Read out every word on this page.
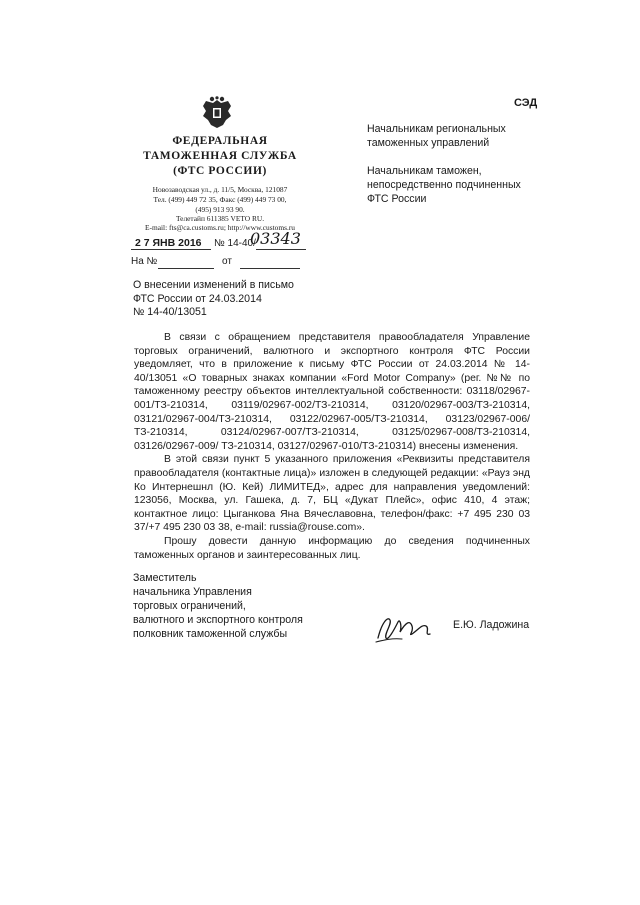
ФЕДЕРАЛЬНАЯ
ТАМОЖЕННАЯ СЛУЖБА
(ФТС РОССИИ)
Новозаводская ул., д. 11/5, Москва, 121087
Тел. (499) 449 72 35, Факс (499) 449 73 00,
(495) 913 93 90.
Телетайп 611385 VETO RU.
E-mail: fts@ca.customs.ru; http://www.customs.ru
СЭД
2 7 ЯНВ 2016 № 14-40/
03343
На №	от
Начальникам региональных
таможенных управлений
Начальникам таможен,
непосредственно подчиненных
ФТС России
О внесении изменений в письмо
ФТС России от 24.03.2014
№ 14-40/13051

В связи с обращением представителя правообладателя Управление торговых ограничений, валютного и экспортного контроля ФТС России уведомляет, что в приложение к письму ФТС России от 24.03.2014 № 14-40/13051 «О товарных знаках компании «Ford Motor Company» (рег. №№ по таможенному реестру объектов интеллектуальной собственности: 03118/02967-001/ТЗ-210314, 03119/02967-002/ТЗ-210314, 03120/02967-003/ТЗ-210314, 03121/02967-004/ТЗ-210314, 03122/02967-005/ТЗ-210314, 03123/02967-006/ТЗ-210314, 03124/02967-007/ТЗ-210314, 03125/02967-008/ТЗ-210314, 03126/02967-009/ ТЗ-210314, 03127/02967-010/ТЗ-210314) внесены изменения.

В этой связи пункт 5 указанного приложения «Реквизиты представителя правообладателя (контактные лица)» изложен в следующей редакции: «Рауз энд Ко Интернешнл (Ю. Кей) ЛИМИТЕД», адрес для направления уведомлений: 123056, Москва, ул. Гашека, д. 7, БЦ «Дукат Плейс», офис 410, 4 этаж; контактное лицо: Цыганкова Яна Вячеславовна, телефон/факс: +7 495 230 03 37/+7 495 230 03 38, e-mail: russia@rouse.com».

Прошу довести данную информацию до сведения подчиненных таможенных органов и заинтересованных лиц.

Заместитель
начальника Управления
торговых ограничений,
валютного и экспортного контроля
полковник таможенной службы
Е.Ю. Ладожина
